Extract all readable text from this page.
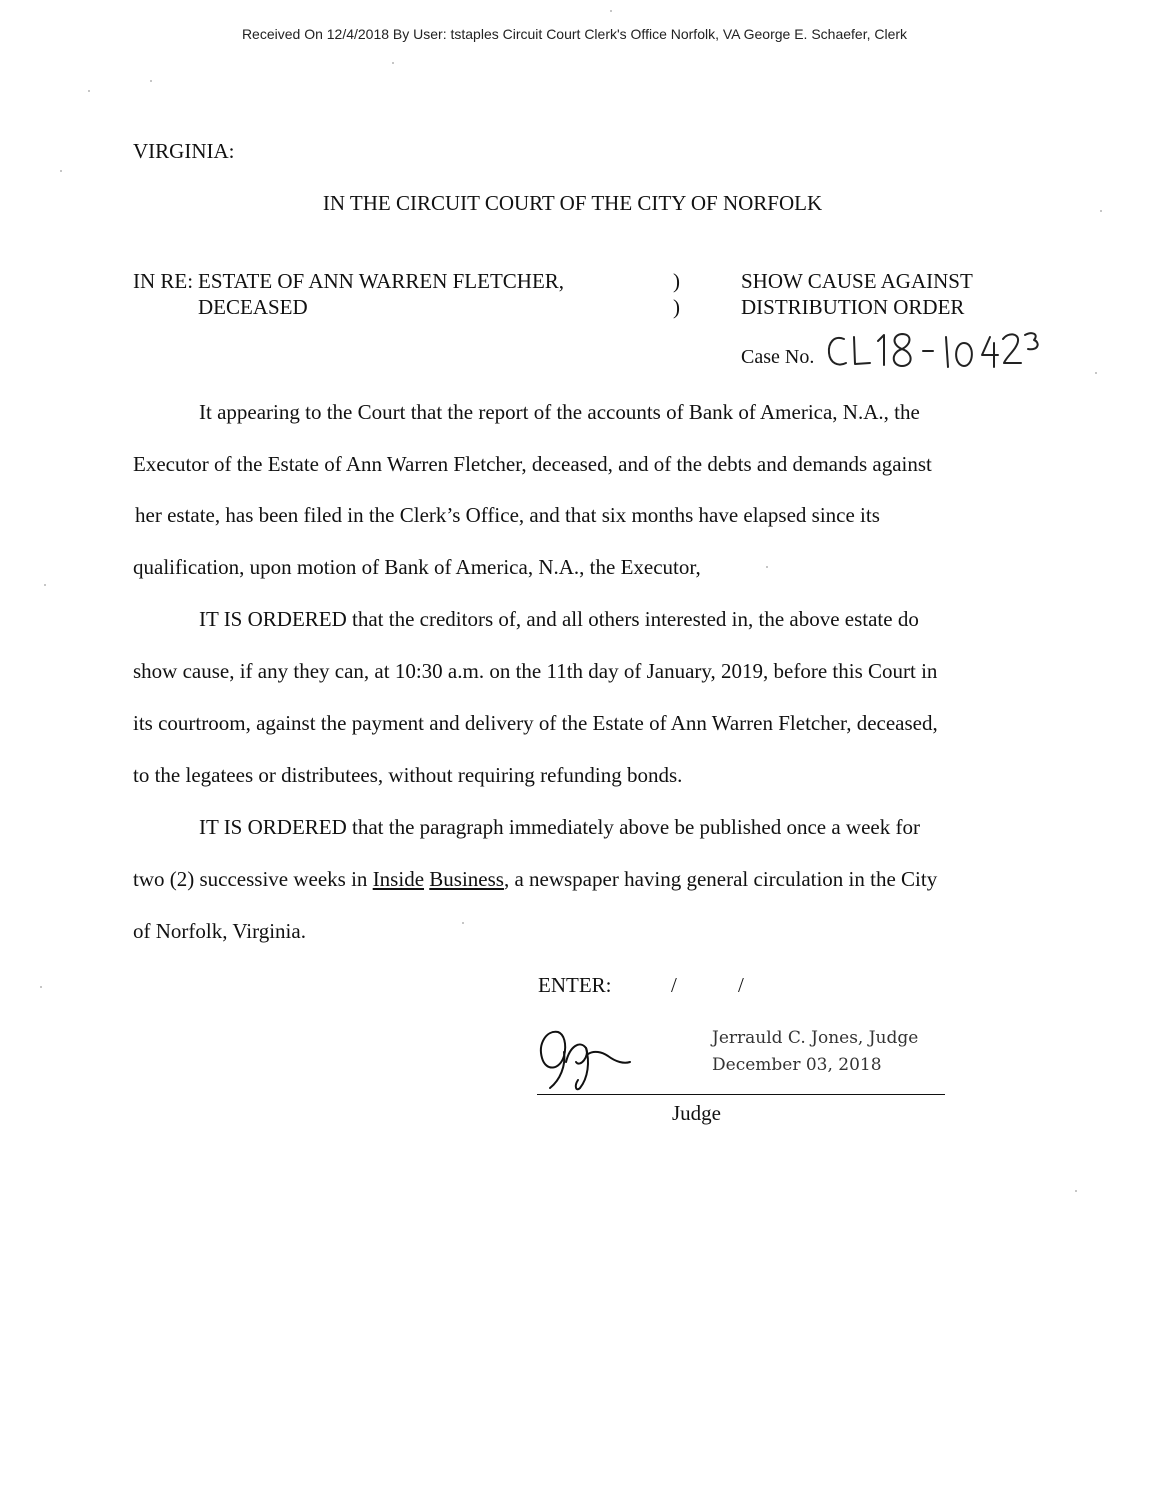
Received On 12/4/2018 By User: tstaples Circuit Court Clerk's Office Norfolk, VA George E. Schaefer, Clerk
VIRGINIA:
IN THE CIRCUIT COURT OF THE CITY OF NORFOLK
IN RE: ESTATE OF ANN WARREN FLETCHER,
DECEASED
)
)
SHOW CAUSE AGAINST
DISTRIBUTION ORDER
Case No.
It appearing to the Court that the report of the accounts of Bank of America, N.A., the
Executor of the Estate of Ann Warren Fletcher, deceased, and of the debts and demands against
her estate, has been filed in the Clerk’s Office, and that six months have elapsed since its
qualification, upon motion of Bank of America, N.A., the Executor,
IT IS ORDERED that the creditors of, and all others interested in, the above estate do
show cause, if any they can, at 10:30 a.m. on the 11th day of January, 2019, before this Court in
its courtroom, against the payment and delivery of the Estate of Ann Warren Fletcher, deceased,
to the legatees or distributees, without requiring refunding bonds.
IT IS ORDERED that the paragraph immediately above be published once a week for
two (2) successive weeks in Inside Business, a newspaper having general circulation in the City
of Norfolk, Virginia.
ENTER:	/	/
Jerrauld C. Jones, Judge
December 03, 2018
Judge
